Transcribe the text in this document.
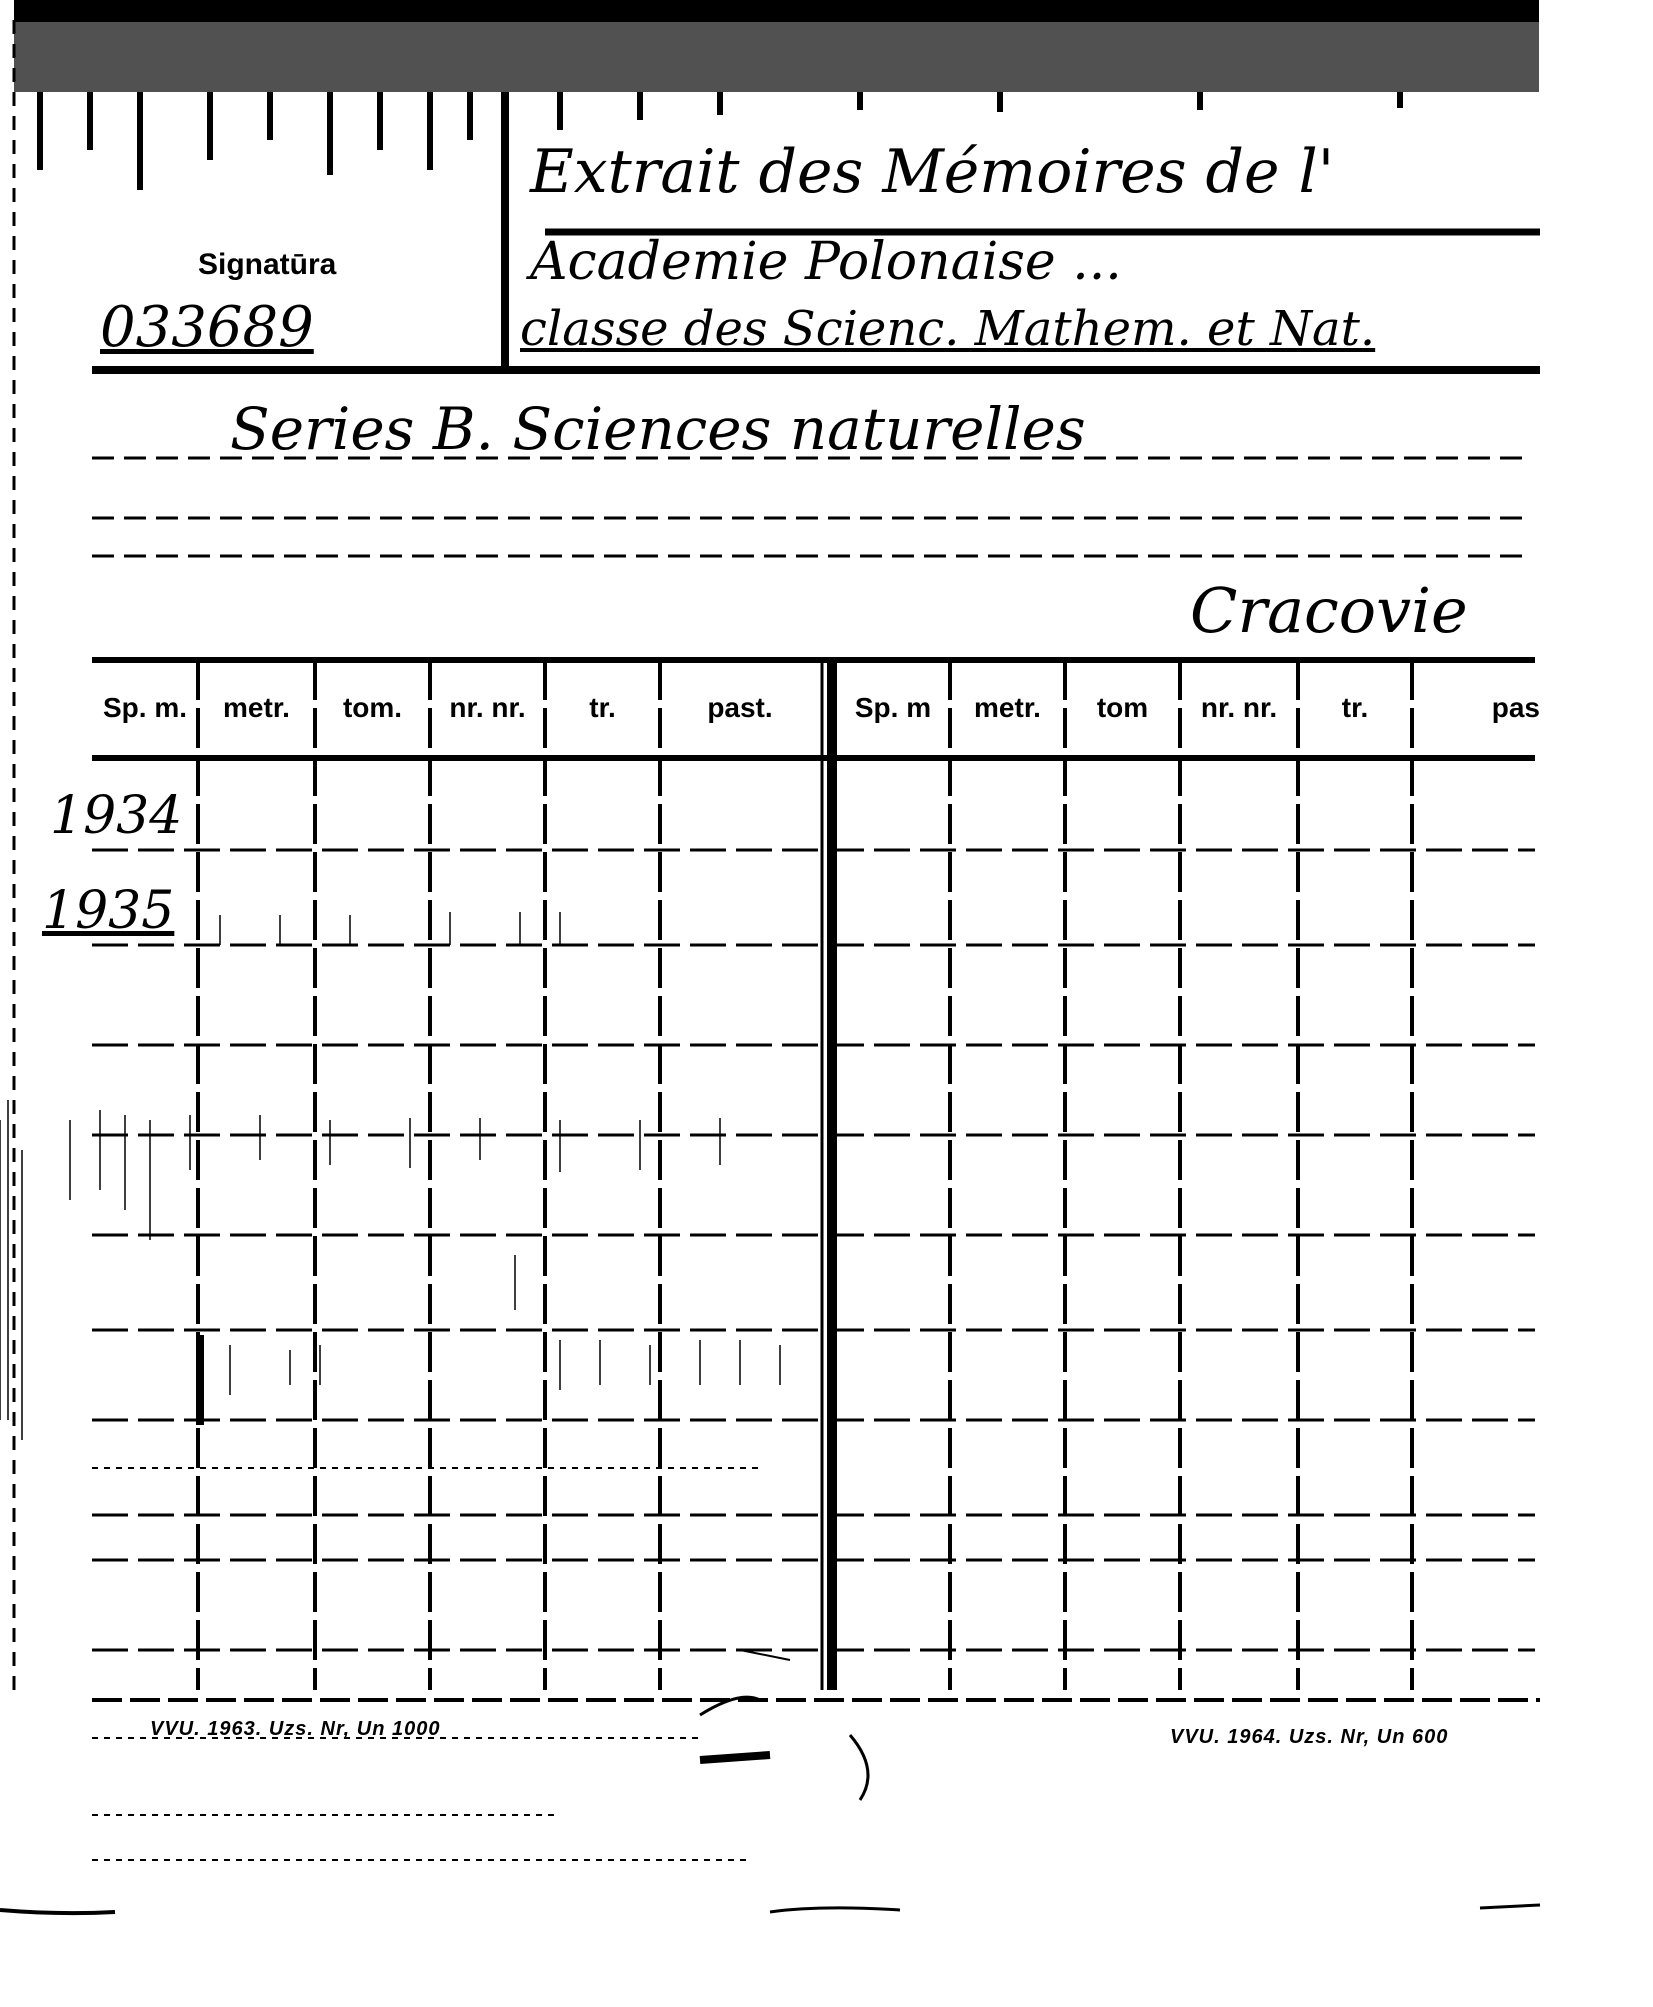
Signatūra
033689
Extrait des Mémoires de l'
Academie Polonaise ...
classe des Scienc. Mathem. et Nat.
Series B. Sciences naturelles
Cracovie
Sp. m.	metr.	tom.	nr. nr.	tr.	past.	Sp. m	metr.	tom	nr. nr.	tr.	pas
1934
1935
VVU. 1963. Uzs. Nr, Un 1000	VVU. 1964. Uzs. Nr, Un 600
